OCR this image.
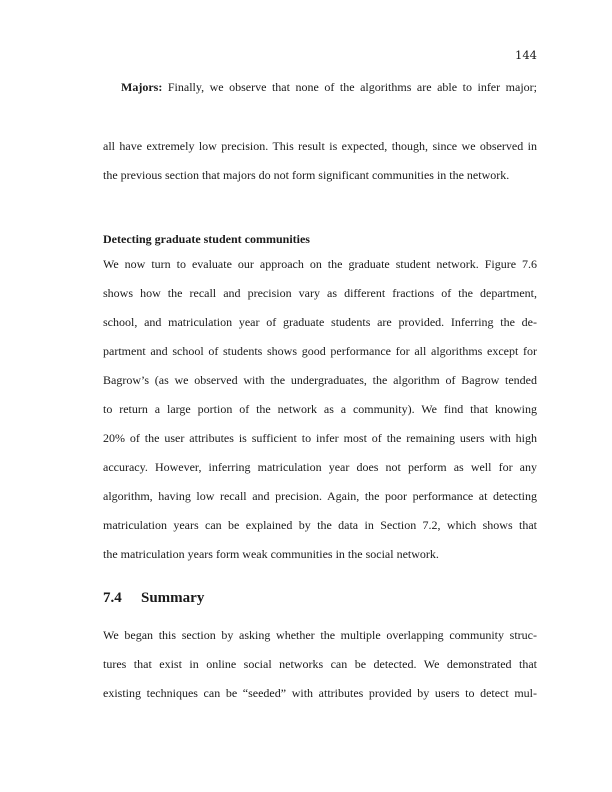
144
Majors: Finally, we observe that none of the algorithms are able to infer major;
all have extremely low precision. This result is expected, though, since we observed in
the previous section that majors do not form significant communities in the network.
Detecting graduate student communities
We now turn to evaluate our approach on the graduate student network. Figure 7.6
shows how the recall and precision vary as different fractions of the department,
school, and matriculation year of graduate students are provided. Inferring the de-
partment and school of students shows good performance for all algorithms except for
Bagrow’s (as we observed with the undergraduates, the algorithm of Bagrow tended
to return a large portion of the network as a community). We find that knowing
20% of the user attributes is sufficient to infer most of the remaining users with high
accuracy. However, inferring matriculation year does not perform as well for any
algorithm, having low recall and precision. Again, the poor performance at detecting
matriculation years can be explained by the data in Section 7.2, which shows that
the matriculation years form weak communities in the social network.
7.4 Summary
We began this section by asking whether the multiple overlapping community struc-
tures that exist in online social networks can be detected. We demonstrated that
existing techniques can be “seeded” with attributes provided by users to detect mul-
